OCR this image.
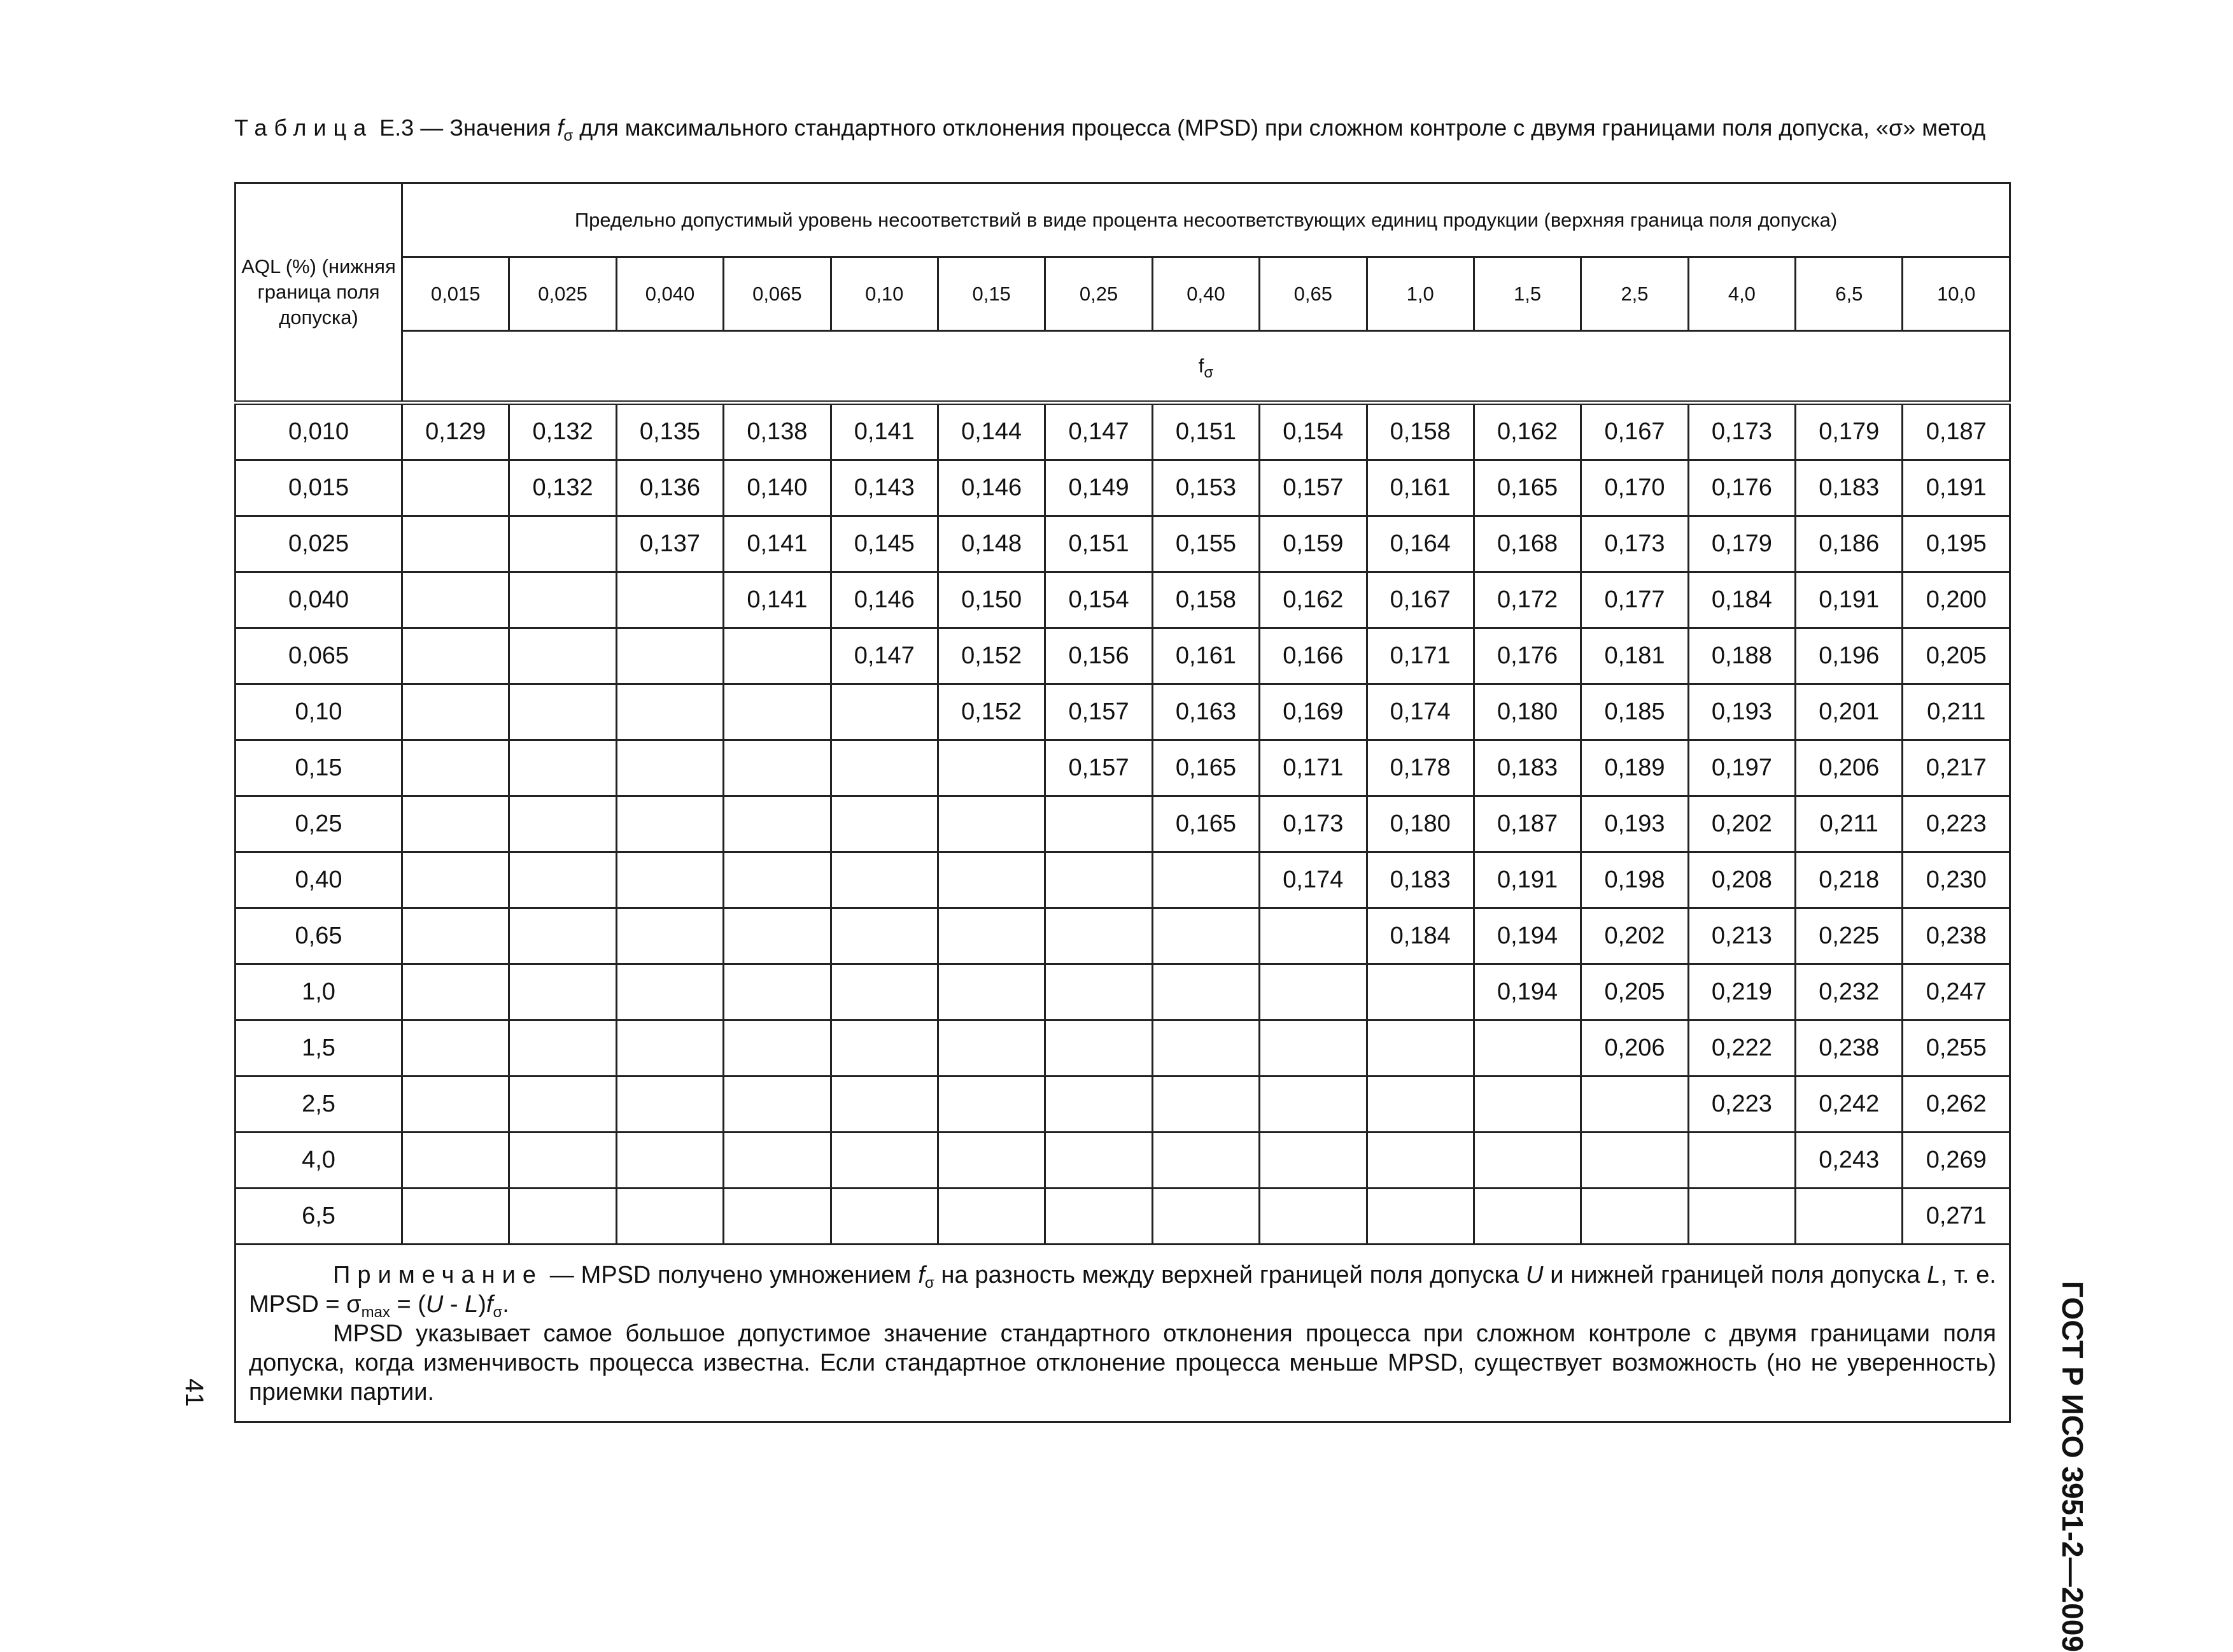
Таблица E.3 — Значения $f_\sigma$ для максимального стандартного отклонения процесса (MPSD) при сложном контроле с двумя границами поля допуска, «σ» метод
AQL (%) (нижняя граница поля допуска)	Предельно допустимый уровень несоответствий в виде процента несоответствующих единиц продукции (верхняя граница поля допуска)														
	0,015	0,025	0,040	0,065	0,10	0,15	0,25	0,40	0,65	1,0	1,5	2,5	4,0	6,5	10,0
	$f_\sigma$
0,010	0,129	0,132	0,135	0,138	0,141	0,144	0,147	0,151	0,154	0,158	0,162	0,167	0,173	0,179	0,187
0,015		0,132	0,136	0,140	0,143	0,146	0,149	0,153	0,157	0,161	0,165	0,170	0,176	0,183	0,191
0,025			0,137	0,141	0,145	0,148	0,151	0,155	0,159	0,164	0,168	0,173	0,179	0,186	0,195
0,040				0,141	0,146	0,150	0,154	0,158	0,162	0,167	0,172	0,177	0,184	0,191	0,200
0,065					0,147	0,152	0,156	0,161	0,166	0,171	0,176	0,181	0,188	0,196	0,205
0,10						0,152	0,157	0,163	0,169	0,174	0,180	0,185	0,193	0,201	0,211
0,15							0,157	0,165	0,171	0,178	0,183	0,189	0,197	0,206	0,217
0,25								0,165	0,173	0,180	0,187	0,193	0,202	0,211	0,223
0,40									0,174	0,183	0,191	0,198	0,208	0,218	0,230
0,65										0,184	0,194	0,202	0,213	0,225	0,238
1,0											0,194	0,205	0,219	0,232	0,247
1,5												0,206	0,222	0,238	0,255
2,5													0,223	0,242	0,262
4,0														0,243	0,269
6,5															0,271

Примечание — MPSD получено умножением $f_\sigma$ на разность между верхней границей поля допуска U и нижней границей поля допуска L, т. е. MPSD = $\sigma_{max} = (U - L)f_\sigma$.

MPSD указывает самое большое допустимое значение стандартного отклонения процесса при сложном контроле с двумя границами поля допуска, когда изменчивость процесса известна. Если стандартное отклонение процесса меньше MPSD, существует возможность (но не уверенность) приемки партии.																ГОСТ Р ИСО 3951-2—2009
41
